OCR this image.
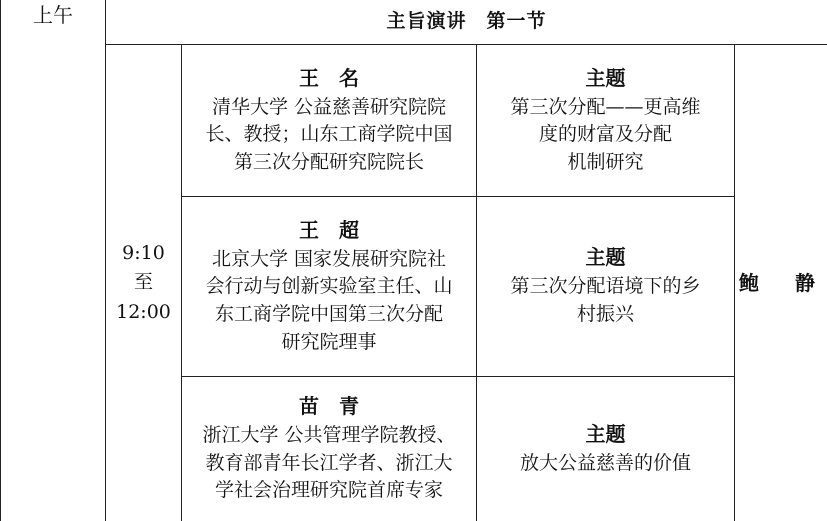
上午	主旨演讲　第一节
9:10
至
12:00
王　名
清华大学 公益慈善研究院院
长、教授；山东工商学院中国
第三次分配研究院院长
主题
第三次分配——更高维
度的财富及分配
机制研究
王　超
北京大学 国家发展研究院社
会行动与创新实验室主任、山
东工商学院中国第三次分配
研究院理事
主题
第三次分配语境下的乡
村振兴
苗　青
浙江大学 公共管理学院教授、
教育部青年长江学者、浙江大
学社会治理研究院首席专家
主题
放大公益慈善的价值
鲍　静
